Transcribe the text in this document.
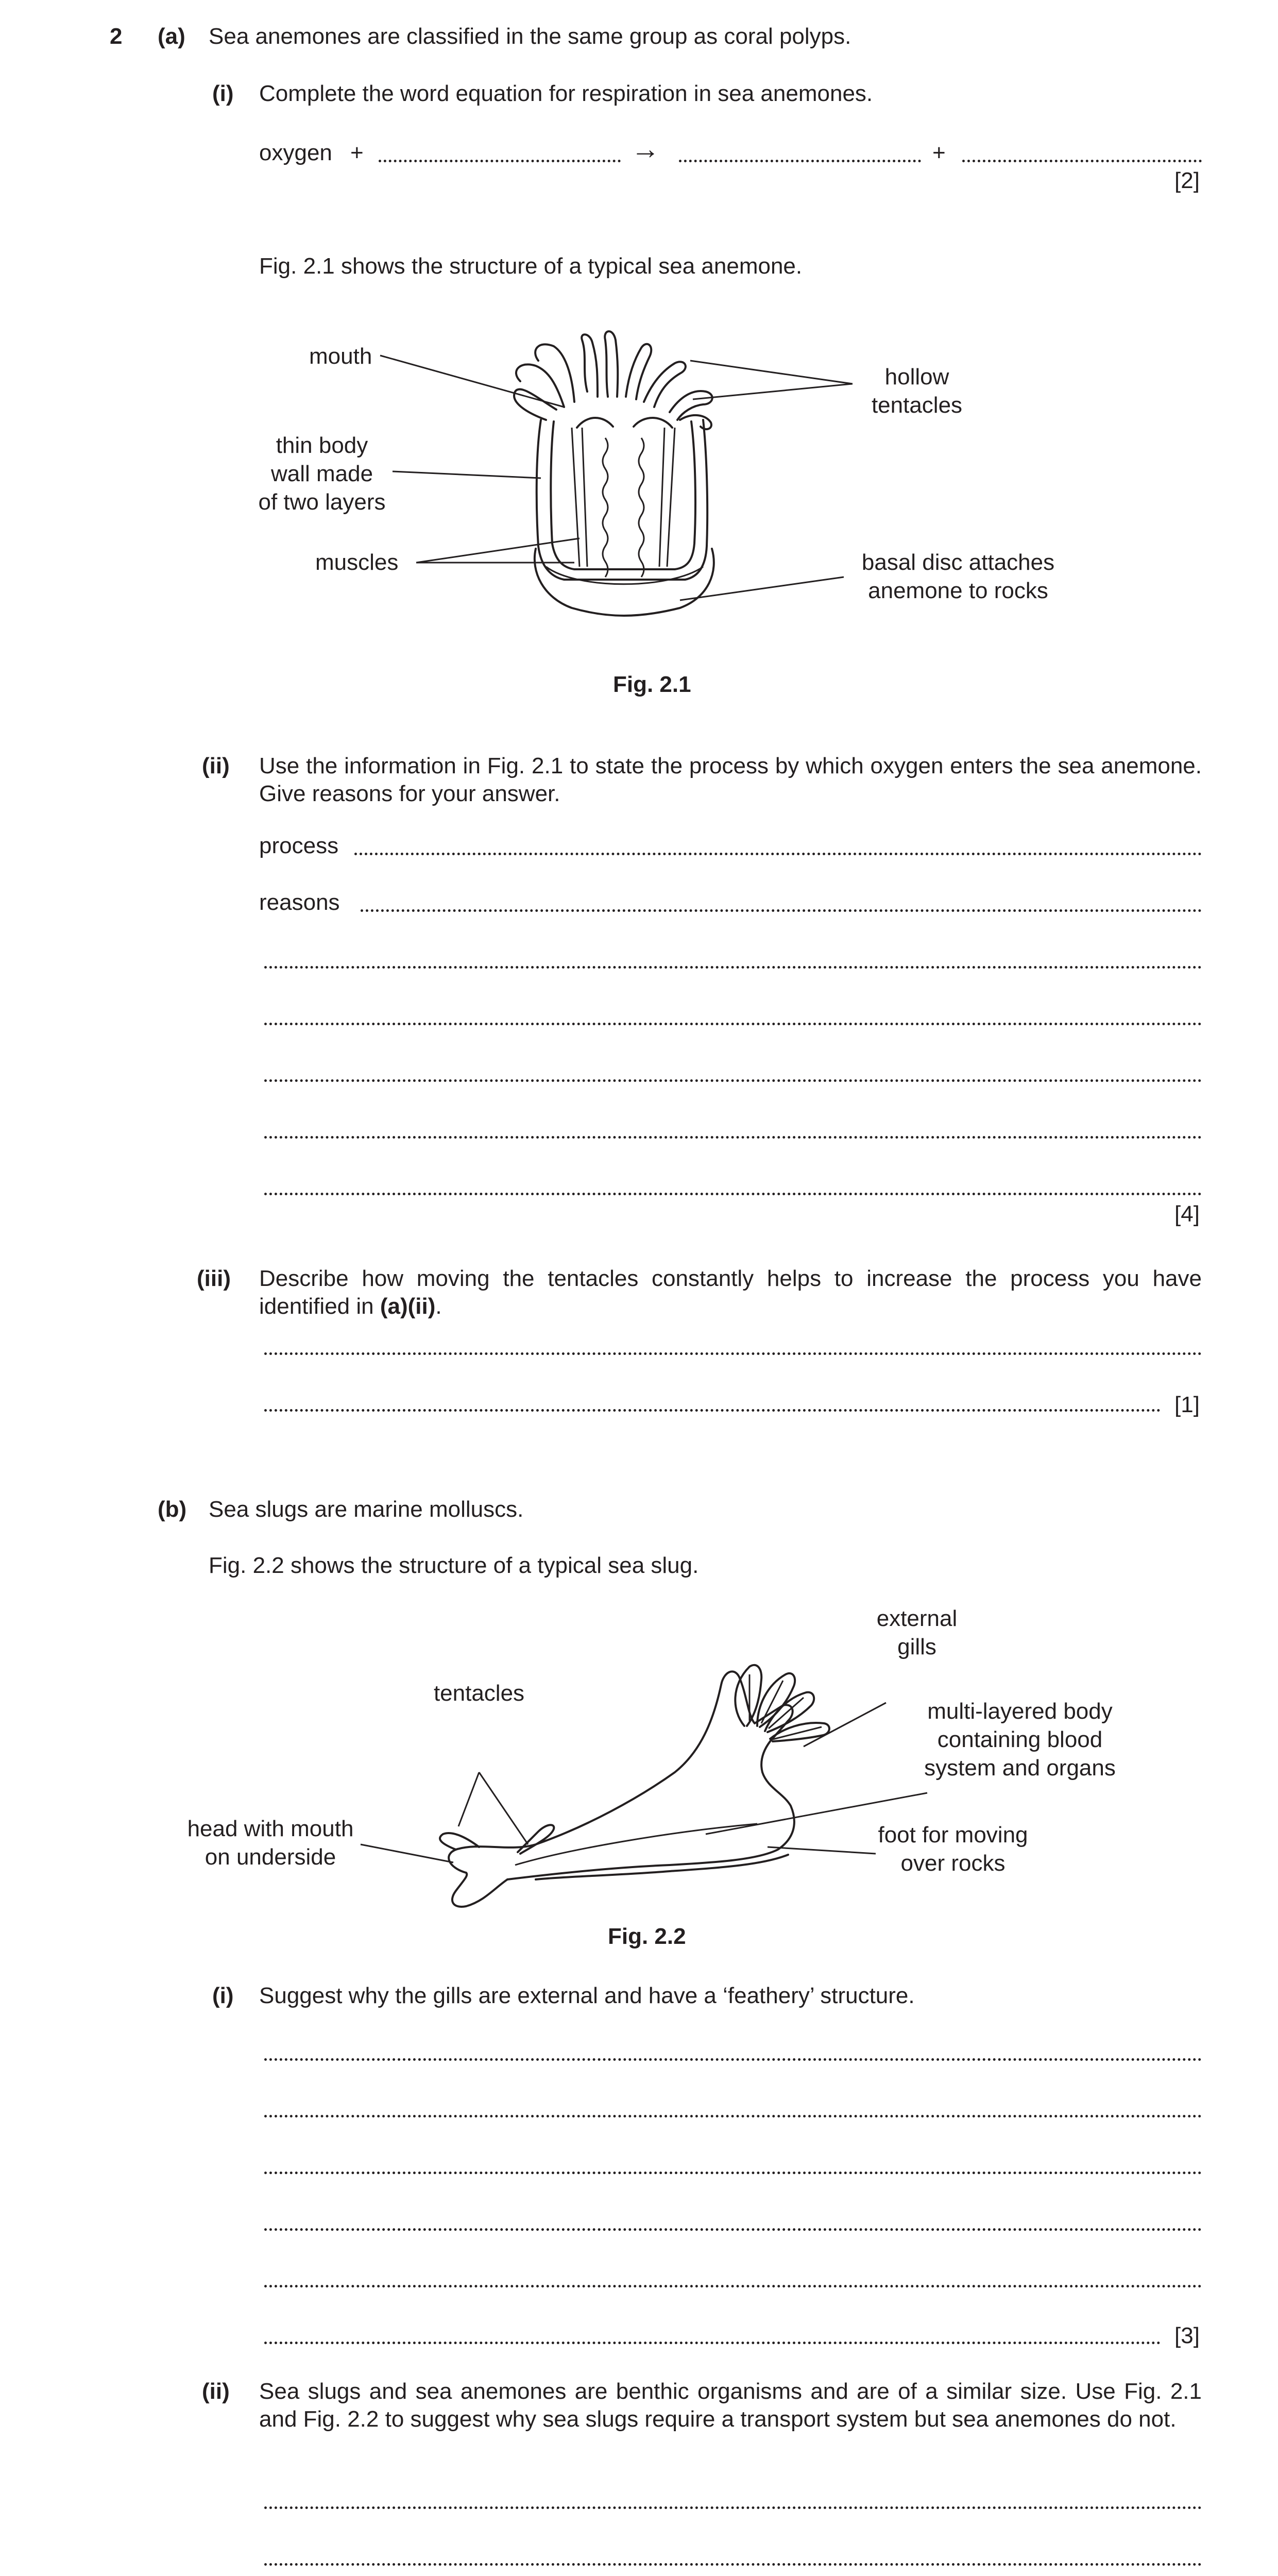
2 (a) Sea anemones are classified in the same group as coral polyps.
(i) Complete the word equation for respiration in sea anemones.
oxygen +	→	+
[2]
Fig. 2.1 shows the structure of a typical sea anemone.
mouth
hollow
tentacles
thin body
wall made
of two layers
muscles	basal disc attaches
anemone to rocks
Fig. 2.1
(ii) Use the information in Fig. 2.1 to state the process by which oxygen enters the sea anemone. Give reasons for your answer.
process
reasons
[4]
(iii) Describe how moving the tentacles constantly helps to increase the process you have identified in (a)(ii).
[1]
(b) Sea slugs are marine molluscs.
Fig. 2.2 shows the structure of a typical sea slug.
external
gills
tentacles
multi-layered body
containing blood
system and organs
head with mouth
on underside
foot for moving
over rocks
Fig. 2.2
(i) Suggest why the gills are external and have a ‘feathery’ structure.
[3]
(ii) Sea slugs and sea anemones are benthic organisms and are of a similar size. Use Fig. 2.1 and Fig. 2.2 to suggest why sea slugs require a transport system but sea anemones do not.
